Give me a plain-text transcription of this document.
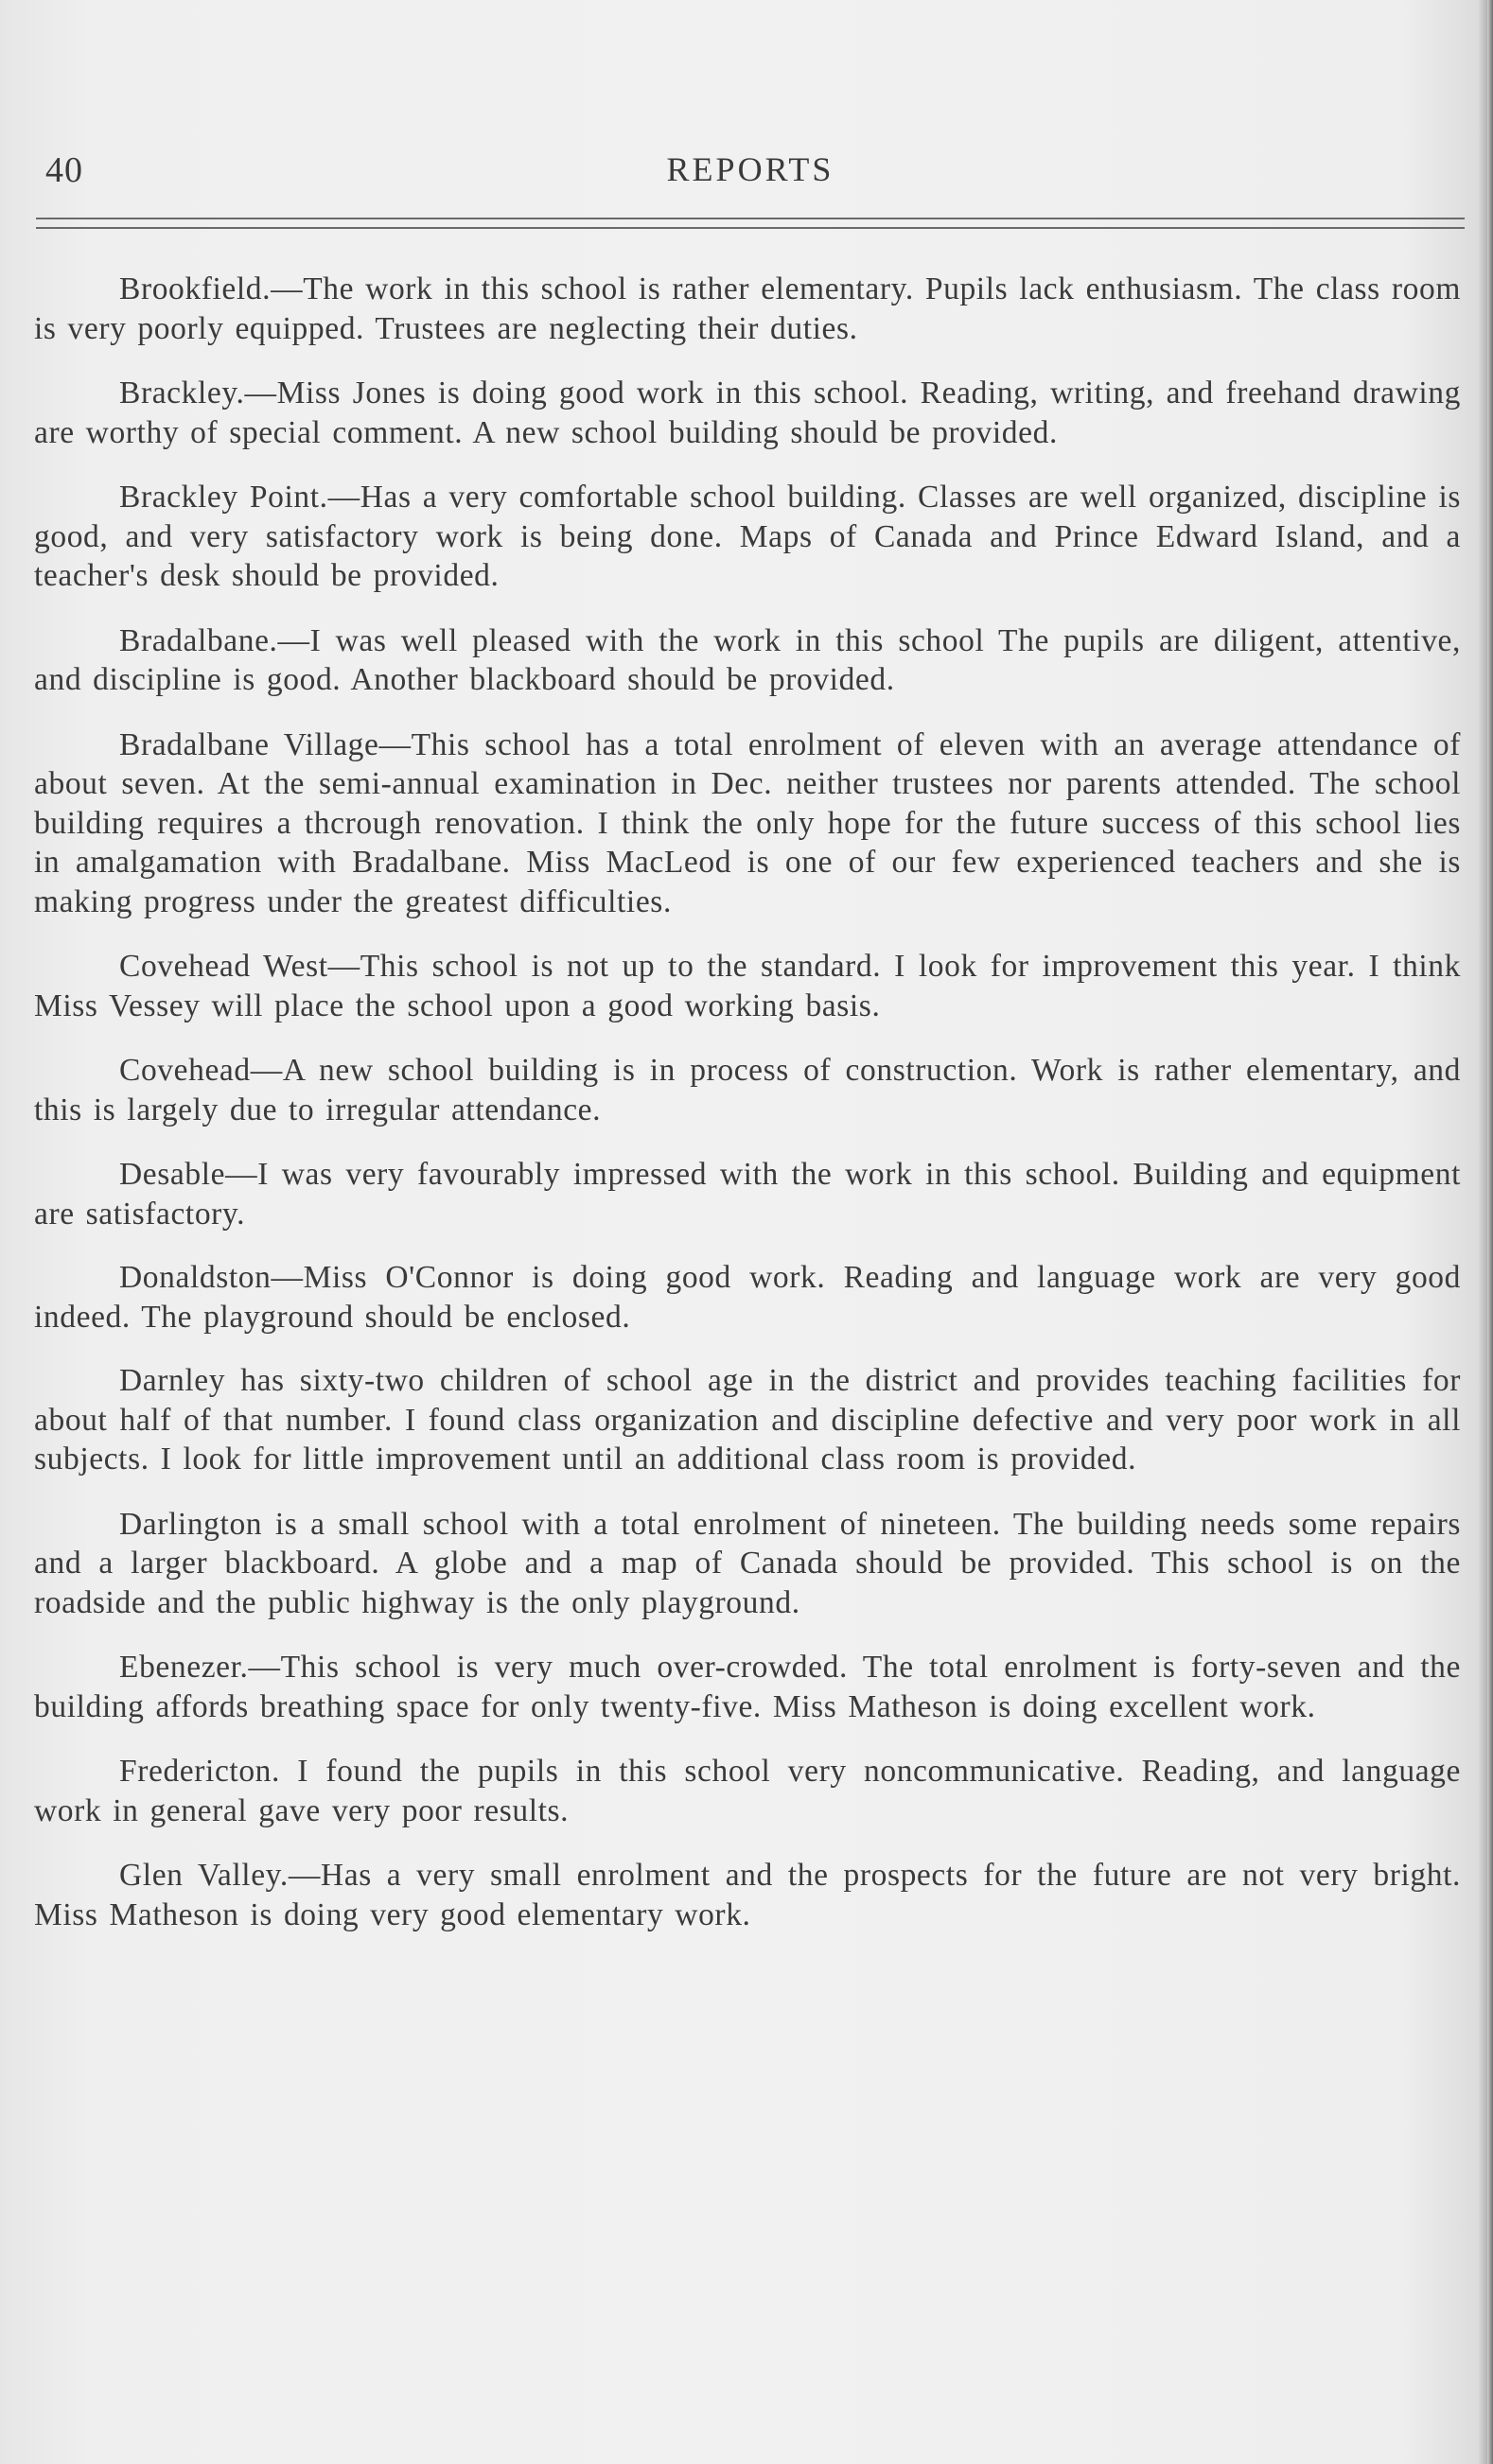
40	REPORTS

Brookfield.—The work in this school is rather elementary. Pupils lack enthusiasm. The class room is very poorly equipped. Trustees are neglecting their duties.

Brackley.—Miss Jones is doing good work in this school. Reading, writing, and freehand drawing are worthy of special comment. A new school building should be provided.

Brackley Point.—Has a very comfortable school building. Classes are well organized, discipline is good, and very satisfactory work is being done. Maps of Canada and Prince Edward Island, and a teacher's desk should be provided.

Bradalbane.—I was well pleased with the work in this school The pupils are diligent, attentive, and discipline is good. Another blackboard should be provided.

Bradalbane Village—This school has a total enrolment of eleven with an average attendance of about seven. At the semi-annual examination in Dec. neither trustees nor parents attended. The school building requires a thcrough renovation. I think the only hope for the future success of this school lies in amalgamation with Bradalbane. Miss MacLeod is one of our few experienced teachers and she is making progress under the greatest difficulties.

Covehead West—This school is not up to the standard. I look for improvement this year. I think Miss Vessey will place the school upon a good working basis.

Covehead—A new school building is in process of construction. Work is rather elementary, and this is largely due to irregular attendance.

Desable—I was very favourably impressed with the work in this school. Building and equipment are satisfactory.

Donaldston—Miss O'Connor is doing good work. Reading and language work are very good indeed. The playground should be enclosed.

Darnley has sixty-two children of school age in the district and provides teaching facilities for about half of that number. I found class organization and discipline defective and very poor work in all subjects. I look for little improvement until an additional class room is provided.

Darlington is a small school with a total enrolment of nineteen. The building needs some repairs and a larger blackboard. A globe and a map of Canada should be provided. This school is on the roadside and the public highway is the only playground.

Ebenezer.—This school is very much over-crowded. The total enrolment is forty-seven and the building affords breathing space for only twenty-five. Miss Matheson is doing excellent work.

Fredericton. I found the pupils in this school very noncommunicative. Reading, and language work in general gave very poor results.

Glen Valley.—Has a very small enrolment and the prospects for the future are not very bright. Miss Matheson is doing very good elementary work.
